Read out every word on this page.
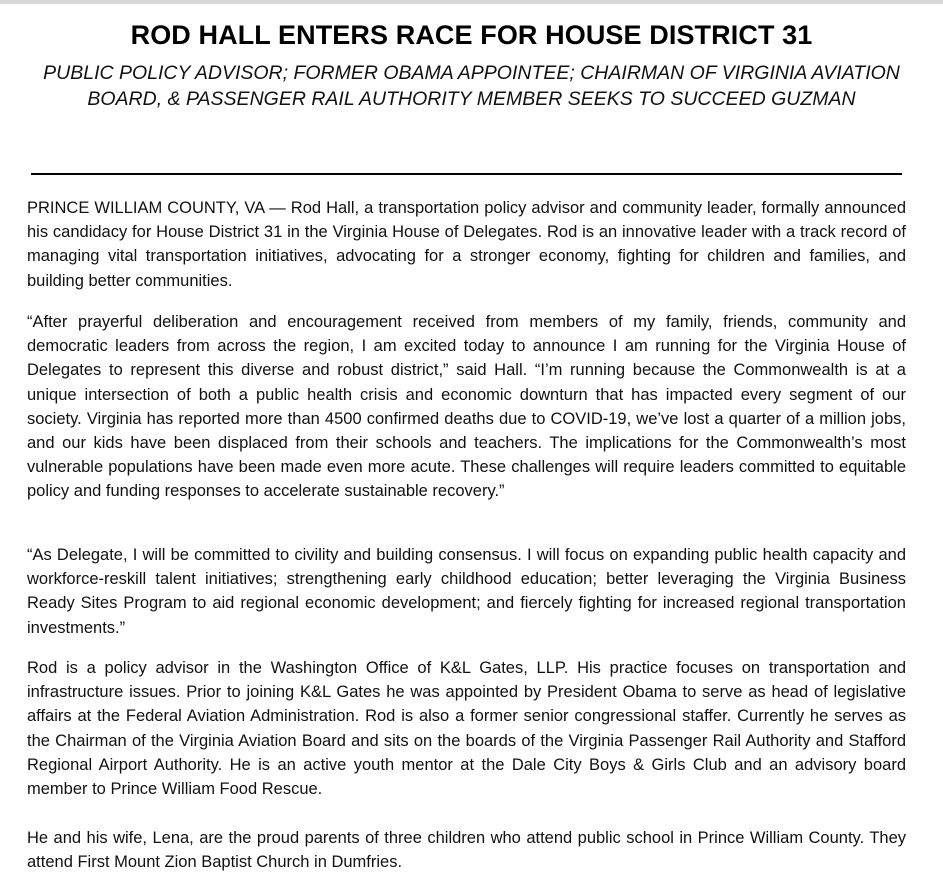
ROD HALL ENTERS RACE FOR HOUSE DISTRICT 31
PUBLIC POLICY ADVISOR; FORMER OBAMA APPOINTEE; CHAIRMAN OF VIRGINIA AVIATION BOARD, & PASSENGER RAIL AUTHORITY MEMBER SEEKS TO SUCCEED GUZMAN

PRINCE WILLIAM COUNTY, VA — Rod Hall, a transportation policy advisor and community leader, formally announced his candidacy for House District 31 in the Virginia House of Delegates. Rod is an innovative leader with a track record of managing vital transportation initiatives, advocating for a stronger economy, fighting for children and families, and building better communities.

“After prayerful deliberation and encouragement received from members of my family, friends, community and democratic leaders from across the region, I am excited today to announce I am running for the Virginia House of Delegates to represent this diverse and robust district,” said Hall. “I’m running because the Commonwealth is at a unique intersection of both a public health crisis and economic downturn that has impacted every segment of our society. Virginia has reported more than 4500 confirmed deaths due to COVID-19, we’ve lost a quarter of a million jobs, and our kids have been displaced from their schools and teachers. The implications for the Commonwealth’s most vulnerable populations have been made even more acute. These challenges will require leaders committed to equitable policy and funding responses to accelerate sustainable recovery.”

“As Delegate, I will be committed to civility and building consensus. I will focus on expanding public health capacity and workforce-reskill talent initiatives; strengthening early childhood education; better leveraging the Virginia Business Ready Sites Program to aid regional economic development; and fiercely fighting for increased regional transportation investments.”

Rod is a policy advisor in the Washington Office of K&L Gates, LLP. His practice focuses on transportation and infrastructure issues. Prior to joining K&L Gates he was appointed by President Obama to serve as head of legislative affairs at the Federal Aviation Administration. Rod is also a former senior congressional staffer. Currently he serves as the Chairman of the Virginia Aviation Board and sits on the boards of the Virginia Passenger Rail Authority and Stafford Regional Airport Authority. He is an active youth mentor at the Dale City Boys & Girls Club and an advisory board member to Prince William Food Rescue.

He and his wife, Lena, are the proud parents of three children who attend public school in Prince William County. They attend First Mount Zion Baptist Church in Dumfries.
